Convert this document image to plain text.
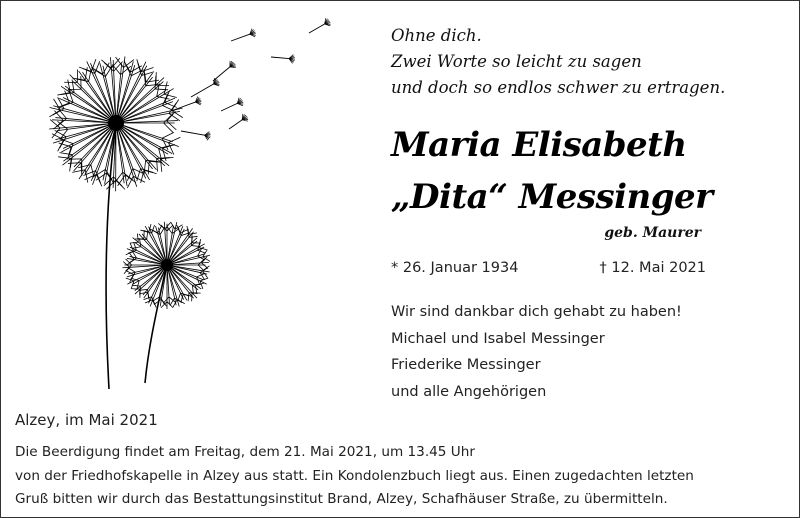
Ohne dich.
Zwei Worte so leicht zu sagen
und doch so endlos schwer zu ertragen.
Maria Elisabeth
„Dita“ Messinger
geb. Maurer
* 26. Januar 1934	† 12. Mai 2021
Wir sind dankbar dich gehabt zu haben!
Michael und Isabel Messinger
Friederike Messinger
und alle Angehörigen
Alzey, im Mai 2021
Die Beerdigung findet am Freitag, dem 21. Mai 2021, um 13.45 Uhr
von der Friedhofskapelle in Alzey aus statt. Ein Kondolenzbuch liegt aus. Einen zugedachten letzten
Gruß bitten wir durch das Bestattungsinstitut Brand, Alzey, Schafhäuser Straße, zu übermitteln.
